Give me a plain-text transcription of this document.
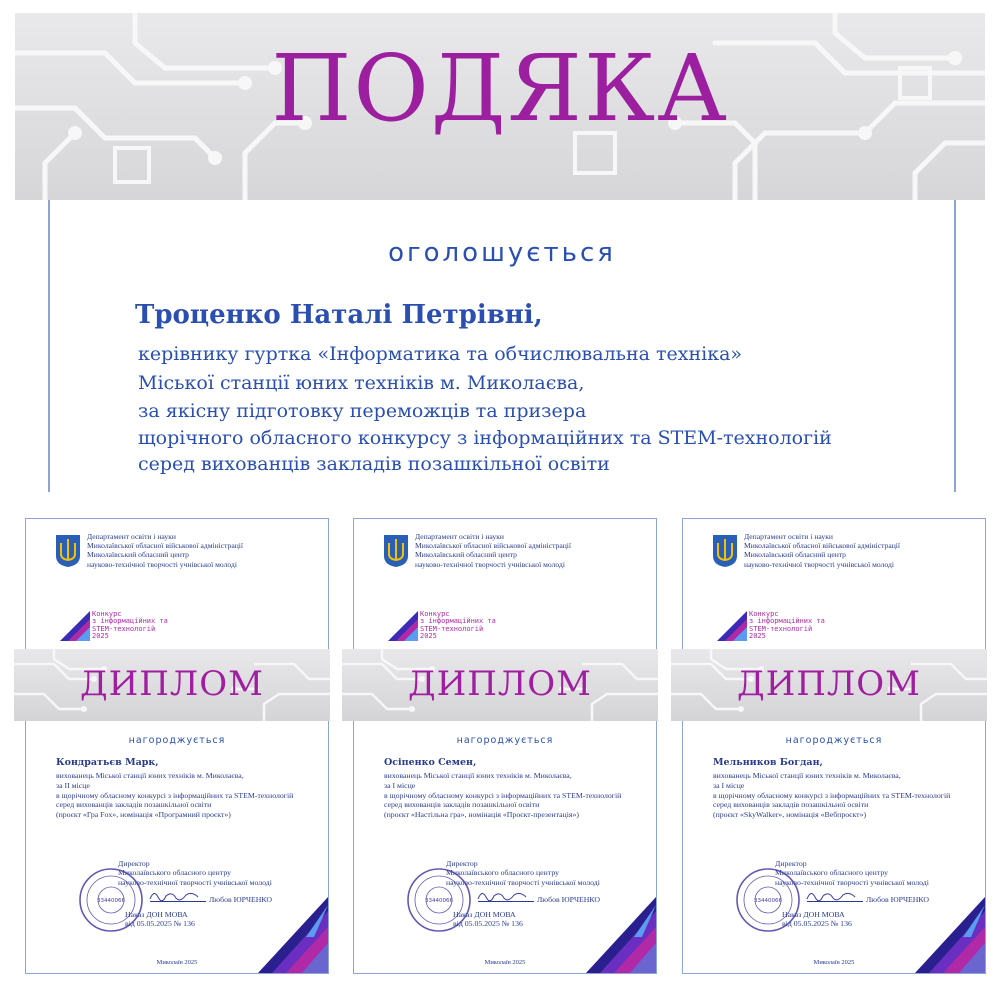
ПОДЯКА
оголошується
Троценко Наталі Петрівні,
керівнику гуртка «Інформатика та обчислювальна техніка»
Міської станції юних техніків м. Миколаєва,
за якісну підготовку переможців та призера
щорічного обласного конкурсу з інформаційних та STEM-технологій
серед вихованців закладів позашкільної освіти
Департамент освіти і науки
Миколаївської обласної військової адміністрації
Миколаївський обласний центр
науково-технічної творчості учнівської молоді
Конкурс
з інформаційних та
STEM-технологій
2025
ДИПЛОМ
нагороджується
Кондратьєв Марк,
вихованець Міської станції юних техніків м. Миколаєва,
за ІІ місце
в щорічному обласному конкурсі з інформаційних та STEM-технологій
серед вихованців закладів позашкільної освіти
(проєкт «Гра Fox», номінація «Програмний проєкт»)
Директор
Миколаївського обласного центру
науково-технічної творчості учнівської молоді
33440066	Любов ЮРЧЕНКО
Наказ ДОН МОВА
від 05.05.2025 № 136
Миколаїв 2025
Департамент освіти і науки
Миколаївської обласної військової адміністрації
Миколаївський обласний центр
науково-технічної творчості учнівської молоді
Конкурс
з інформаційних та
STEM-технологій
2025
ДИПЛОМ
нагороджується
Осіпенко Семен,
вихованець Міської станції юних техніків м. Миколаєва,
за І місце
в щорічному обласному конкурсі з інформаційних та STEM-технологій
серед вихованців закладів позашкільної освіти
(проєкт «Настільна гра», номінація «Проєкт-презентація»)
Директор
Миколаївського обласного центру
науково-технічної творчості учнівської молоді
33440066	Любов ЮРЧЕНКО
Наказ ДОН МОВА
від 05.05.2025 № 136
Миколаїв 2025
Департамент освіти і науки
Миколаївської обласної військової адміністрації
Миколаївський обласний центр
науково-технічної творчості учнівської молоді
Конкурс
з інформаційних та
STEM-технологій
2025
ДИПЛОМ
нагороджується
Мельников Богдан,
вихованець Міської станції юних техніків м. Миколаєва,
за І місце
в щорічному обласному конкурсі з інформаційних та STEM-технологій
серед вихованців закладів позашкільної освіти
(проєкт «SkyWalker», номінація «Вебпроєкт»)
Директор
Миколаївського обласного центру
науково-технічної творчості учнівської молоді
33440066	Любов ЮРЧЕНКО
Наказ ДОН МОВА
від 05.05.2025 № 136
Миколаїв 2025
